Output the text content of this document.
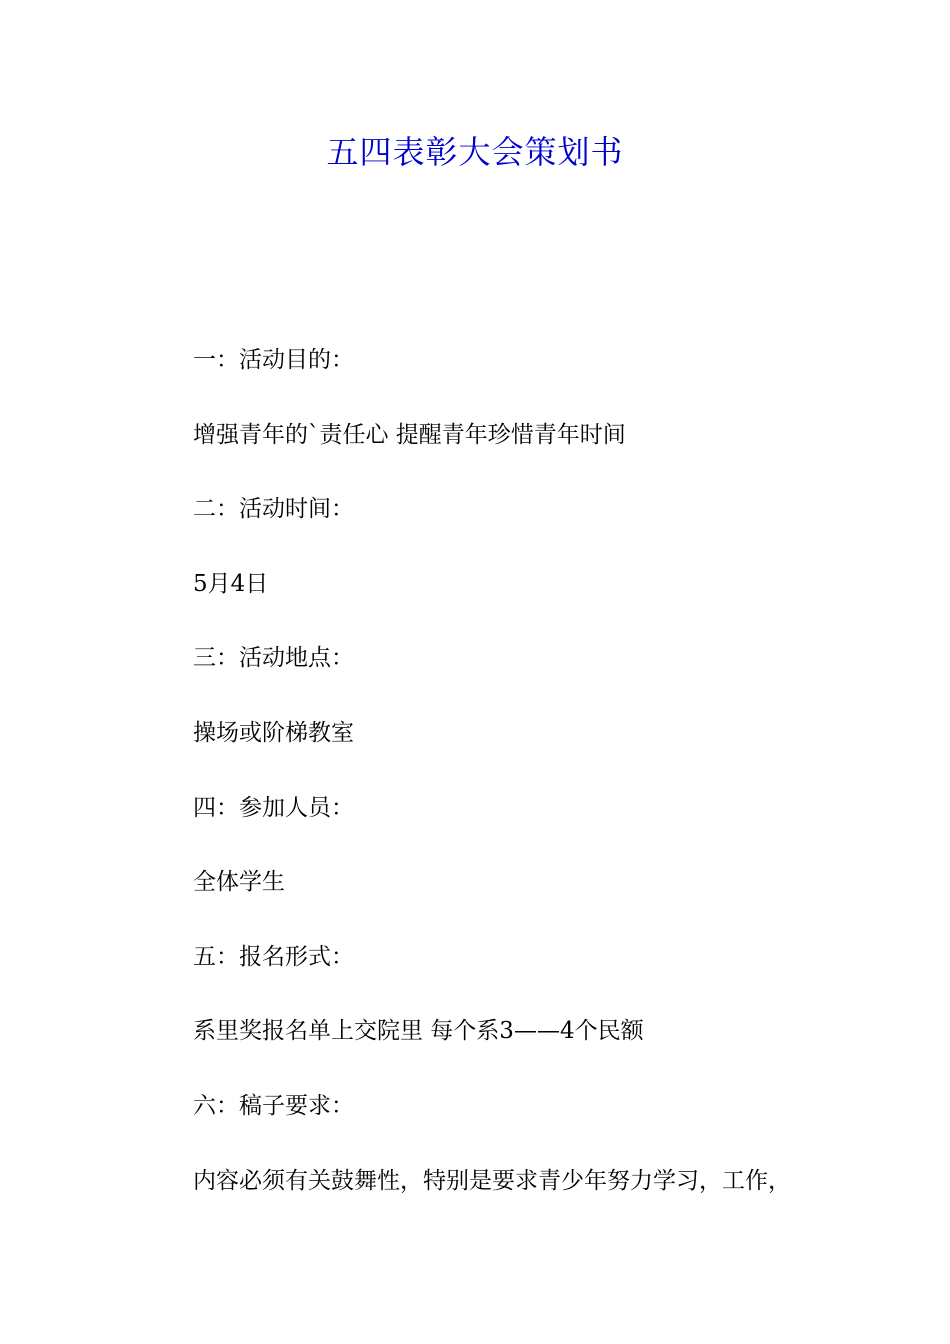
五四表彰大会策划书
一：活动目的：
增强青年的`责任心 提醒青年珍惜青年时间
二：活动时间：
5月4日
三：活动地点：
操场或阶梯教室
四：参加人员：
全体学生
五：报名形式：
系里奖报名单上交院里 每个系3——4个民额
六：稿子要求：
内容必须有关鼓舞性，特别是要求青少年努力学习，工作，
